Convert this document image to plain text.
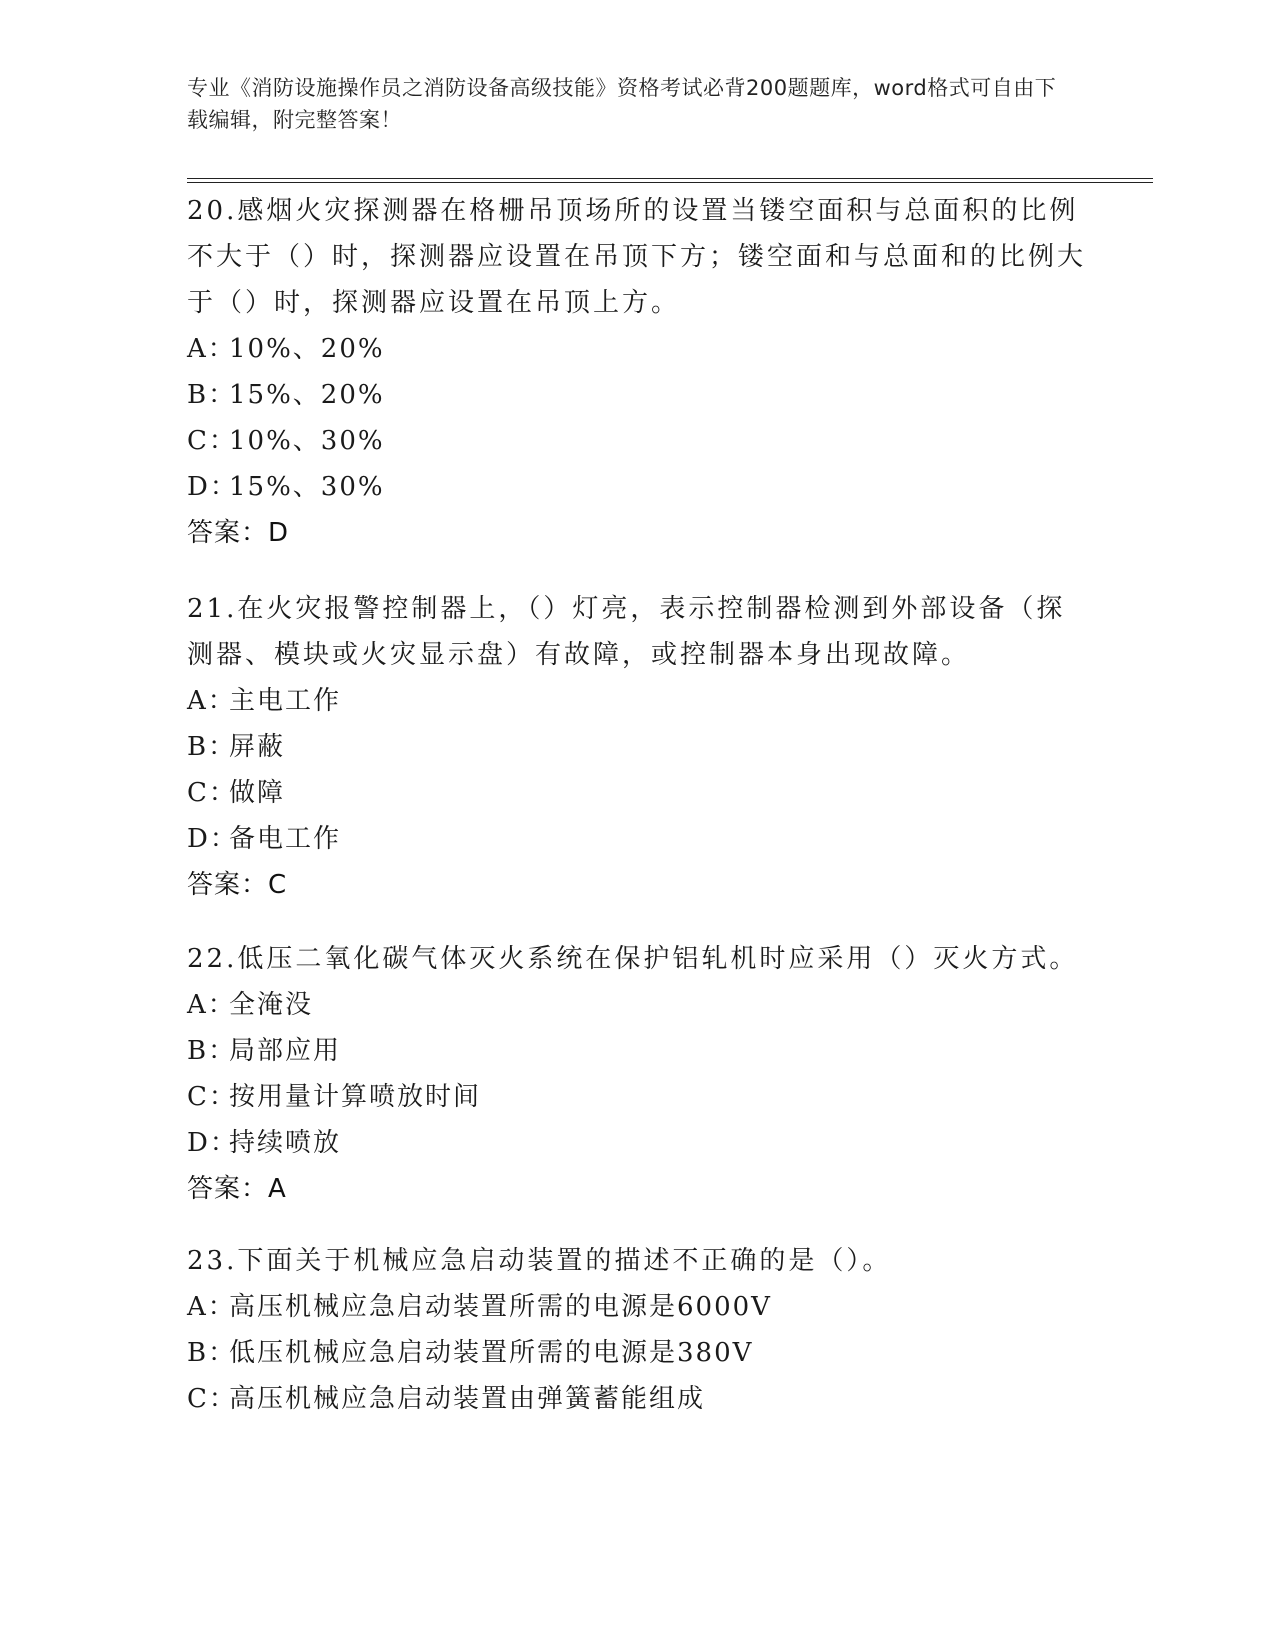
专业《消防设施操作员之消防设备高级技能》资格考试必背200题题库，word格式可自由下载编辑，附完整答案！

20.感烟火灾探测器在格栅吊顶场所的设置当镂空面积与总面积的比例不大于（）时，探测器应设置在吊顶下方；镂空面和与总面和的比例大于（）时，探测器应设置在吊顶上方。

A：10%、20%
B：15%、20%
C：10%、30%
D：15%、30%
答案：D

21.在火灾报警控制器上，（）灯亮，表示控制器检测到外部设备（探测器、模块或火灾显示盘）有故障，或控制器本身出现故障。

A：主电工作
B：屏蔽
C：做障
D：备电工作
答案：C

22.低压二氧化碳气体灭火系统在保护铝轧机时应采用（）灭火方式。

A：全淹没
B：局部应用
C：按用量计算喷放时间
D：持续喷放
答案：A

23.下面关于机械应急启动装置的描述不正确的是（）。

A：高压机械应急启动装置所需的电源是6000V
B：低压机械应急启动装置所需的电源是380V
C：高压机械应急启动装置由弹簧蓄能组成
